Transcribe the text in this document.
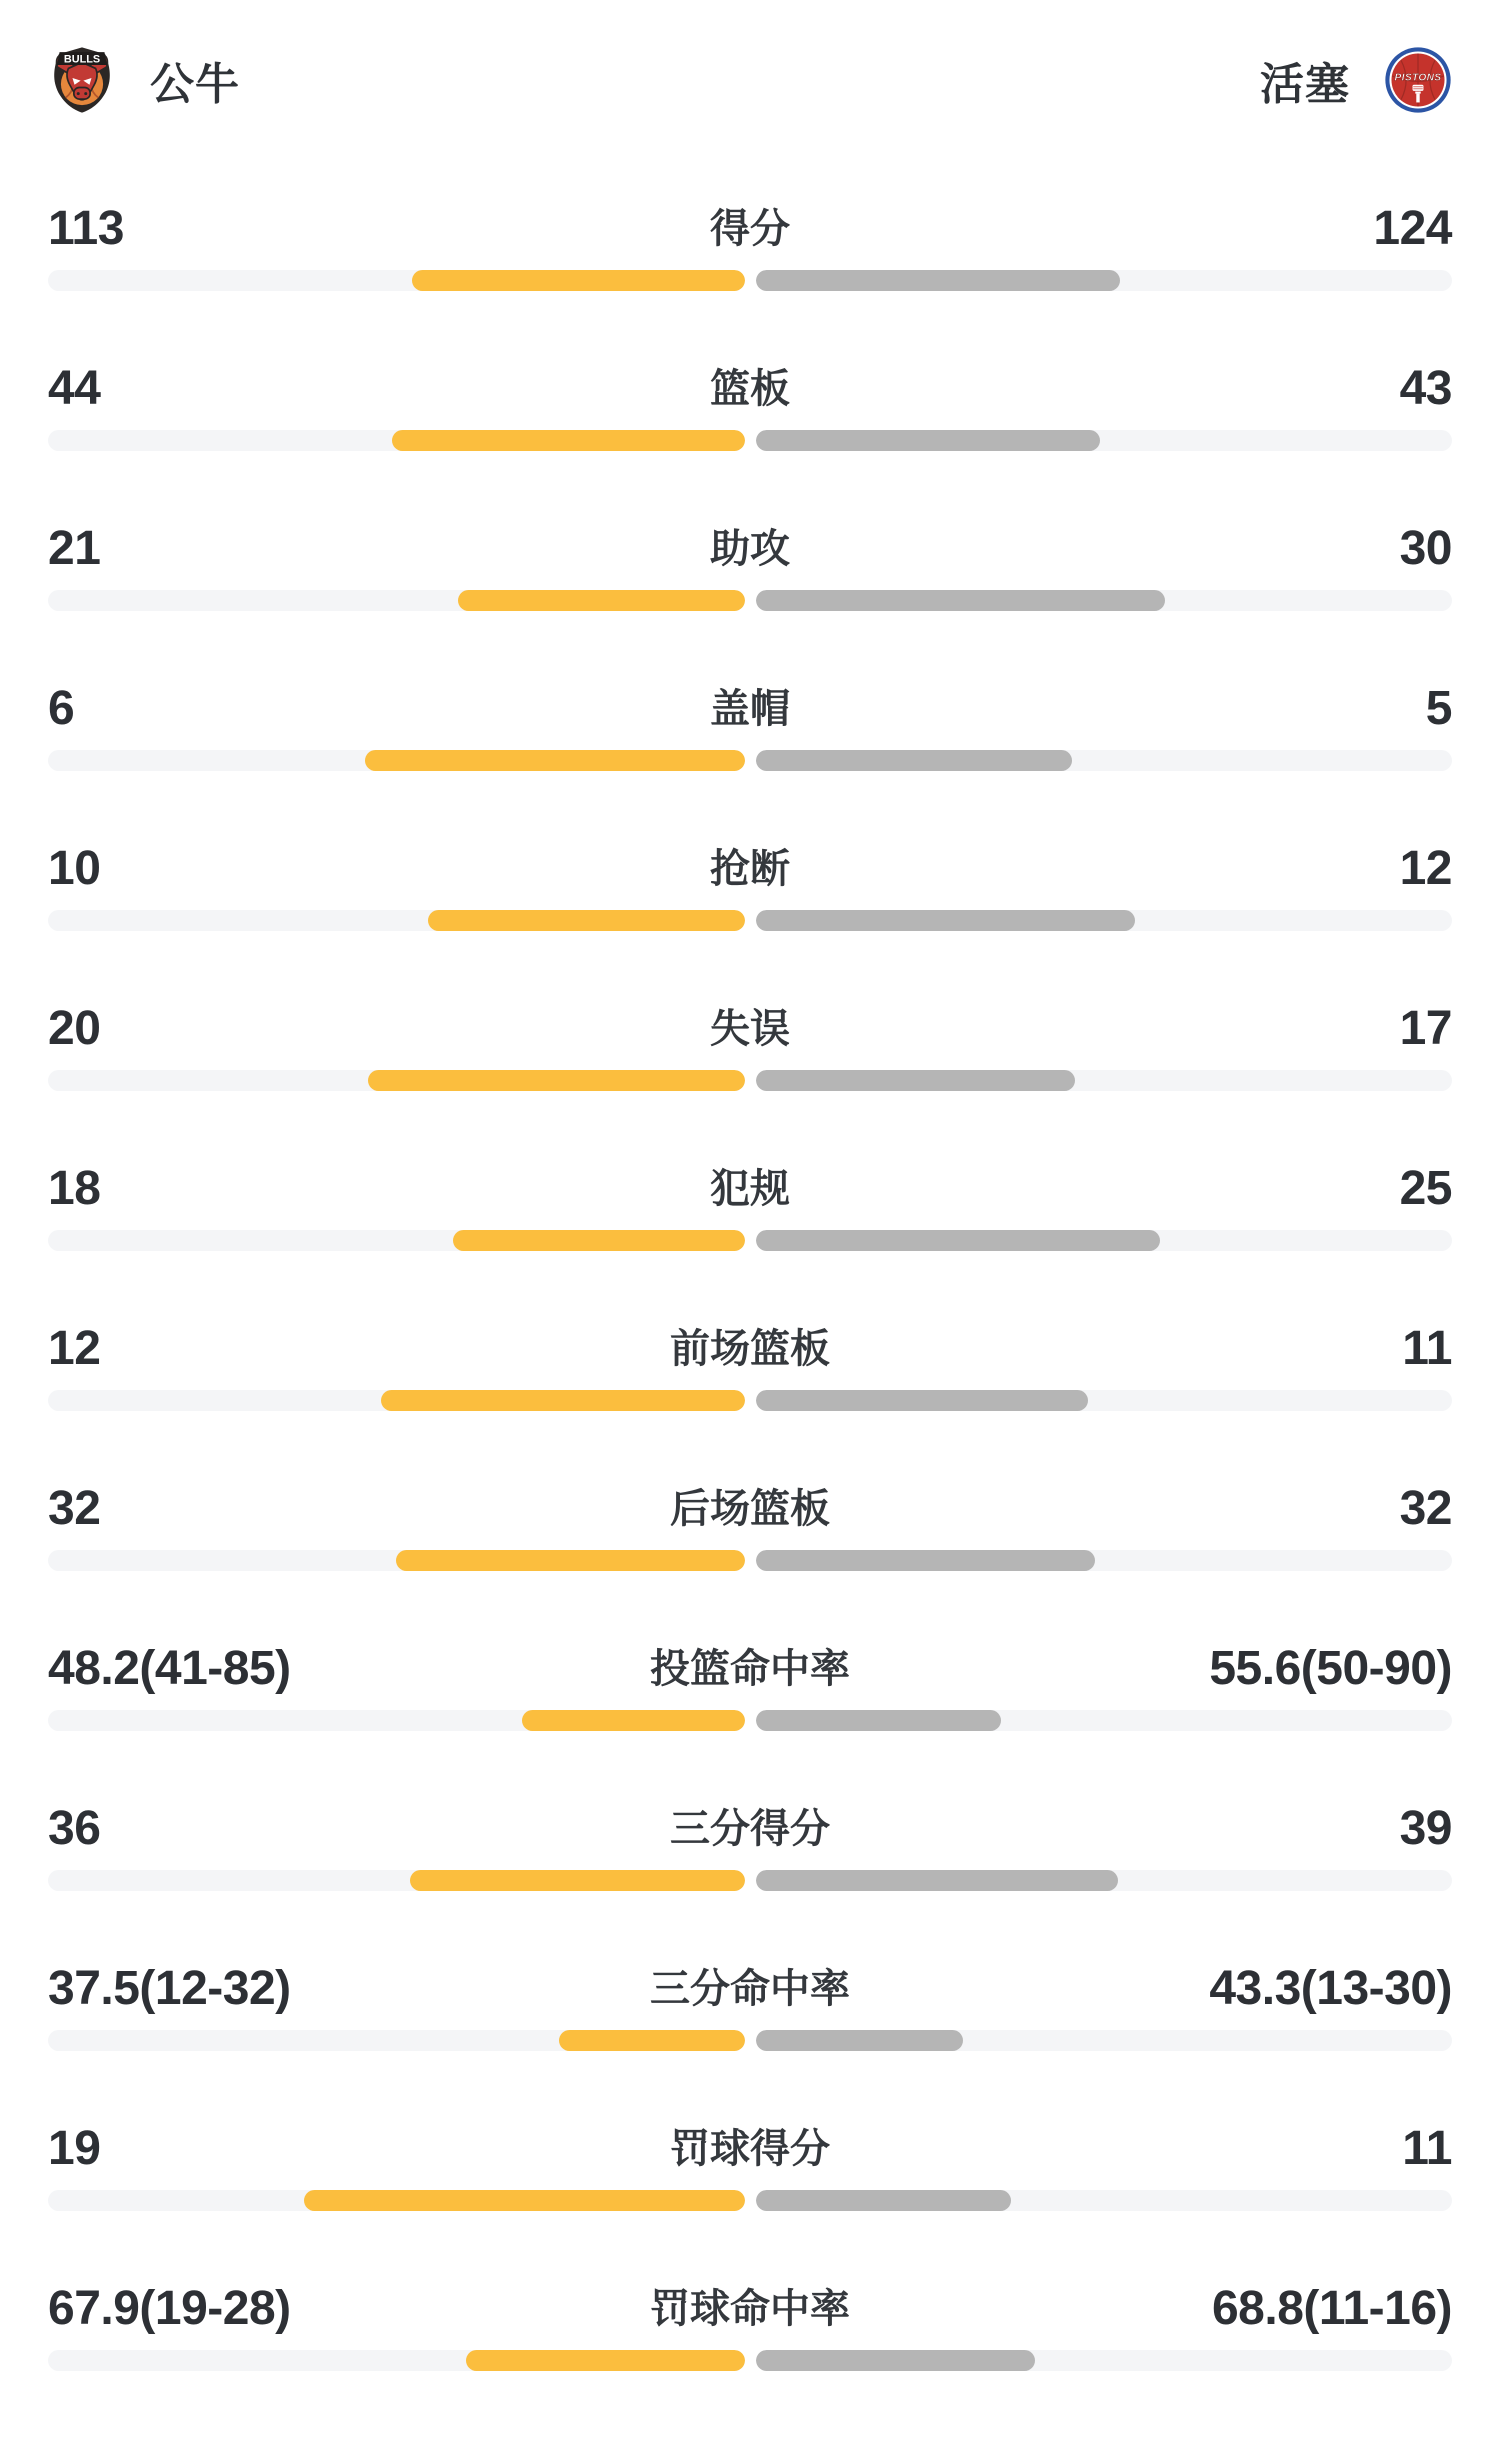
BULLS
公牛	PISTONS
活塞
113	得分	124
44	篮板	43
21	助攻	30
6	盖帽	5
10	抢断	12
20	失误	17
18	犯规	25
12	前场篮板	11
32	后场篮板	32
48.2(41-85)	投篮命中率	55.6(50-90)
36	三分得分	39
37.5(12-32)	三分命中率	43.3(13-30)
19	罚球得分	11
67.9(19-28)	罚球命中率	68.8(11-16)
